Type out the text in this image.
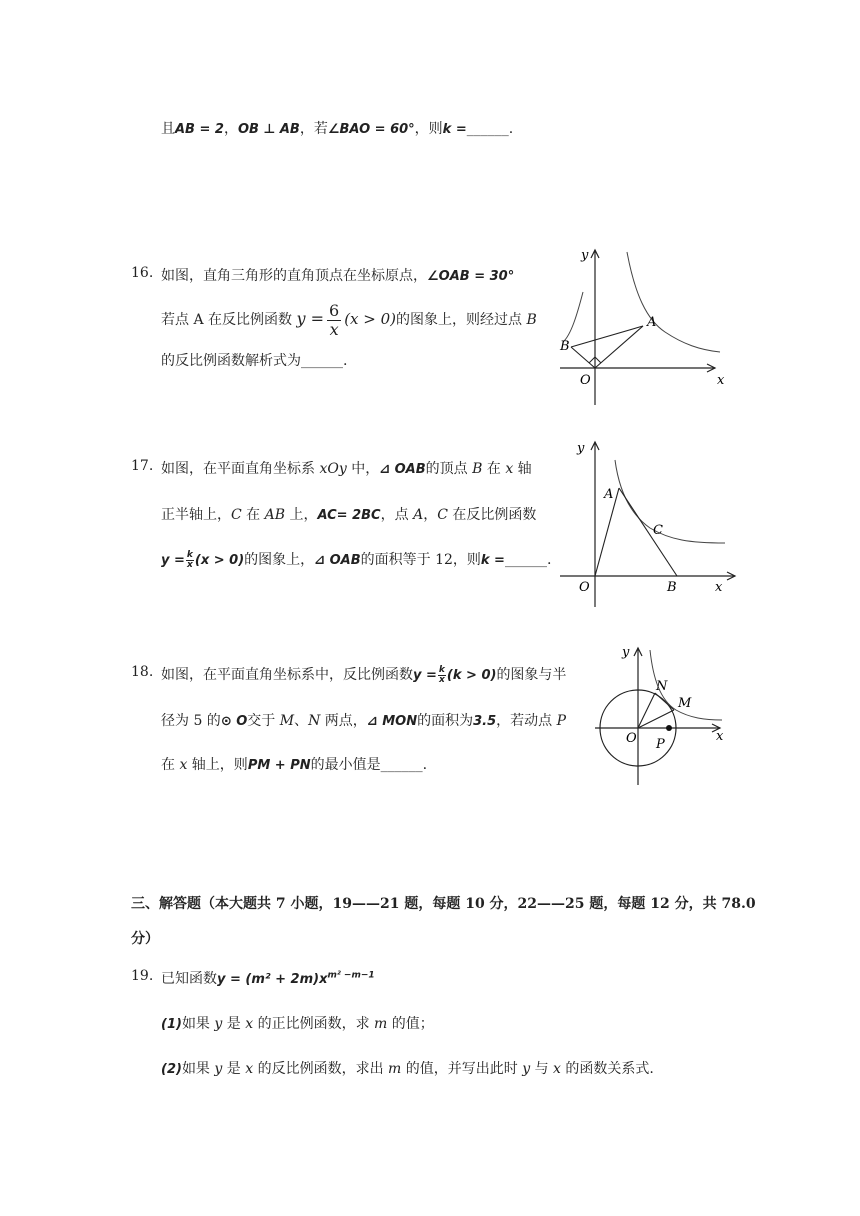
且AB = 2，OB ⊥ AB，若∠BAO = 60°，则k =______.
16. 如图，直角三角形的直角顶点在坐标原点，∠OAB = 30°
若点 A 在反比例函数 $y = \frac{6}{x} (x > 0)$的图象上，则经过点 B
的反比例函数解析式为______.
y
x
O
A
B
17. 如图，在平面直角坐标系 xOy 中，⊿ OAB的顶点 B 在 x 轴
正半轴上，C 在 AB 上，AC= 2BC，点 A，C 在反比例函数
$y = \frac{k}{x} (x > 0)$的图象上，⊿ OAB的面积等于 12，则k =______.
y
x
O
A
B
C
18. 如图，在平面直角坐标系中，反比例函数$y = \frac{k}{x} (k > 0)$的图象与半
径为 5 的⊙ O交于 M、N 两点，⊿ MON的面积为3.5，若动点 P
在 x 轴上，则PM + PN的最小值是______.
y
x
O P
M
N
三、解答题（本大题共 7 小题，19——21 题，每题 10 分，22——25 题，每题 12 分，共 78.0
分）
19. 已知函数$y = (m^2 + 2m)x^{m^2 -m-1}$
(1)如果 y 是 x 的正比例函数，求 m 的值；
(2)如果 y 是 x 的反比例函数，求出 m 的值，并写出此时 y 与 x 的函数关系式.
